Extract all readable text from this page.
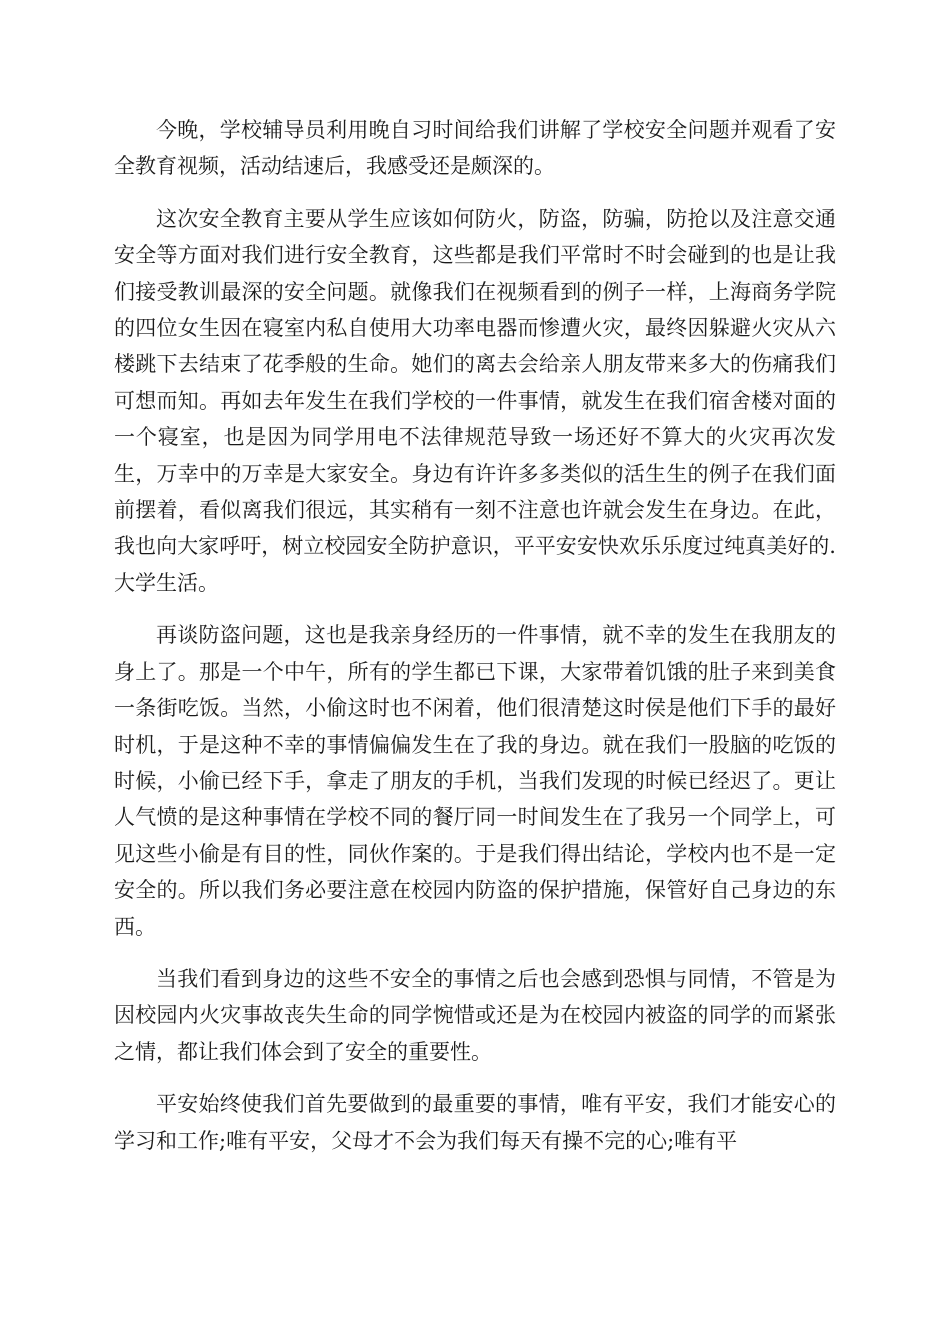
今晚，学校辅导员利用晚自习时间给我们讲解了学校安全问题并观看了安全教育视频，活动结速后，我感受还是颇深的。

这次安全教育主要从学生应该如何防火，防盗，防骗，防抢以及注意交通安全等方面对我们进行安全教育，这些都是我们平常时不时会碰到的也是让我们接受教训最深的安全问题。就像我们在视频看到的例子一样，上海商务学院的四位女生因在寝室内私自使用大功率电器而惨遭火灾，最终因躲避火灾从六楼跳下去结束了花季般的生命。她们的离去会给亲人朋友带来多大的伤痛我们可想而知。再如去年发生在我们学校的一件事情，就发生在我们宿舍楼对面的一个寝室，也是因为同学用电不法律规范导致一场还好不算大的火灾再次发生，万幸中的万幸是大家安全。身边有许许多多类似的活生生的例子在我们面前摆着，看似离我们很远，其实稍有一刻不注意也许就会发生在身边。在此，我也向大家呼吁，树立校园安全防护意识，平平安安快欢乐乐度过纯真美好的.大学生活。

再谈防盗问题，这也是我亲身经历的一件事情，就不幸的发生在我朋友的身上了。那是一个中午，所有的学生都已下课，大家带着饥饿的肚子来到美食一条街吃饭。当然，小偷这时也不闲着，他们很清楚这时侯是他们下手的最好时机，于是这种不幸的事情偏偏发生在了我的身边。就在我们一股脑的吃饭的时候，小偷已经下手，拿走了朋友的手机，当我们发现的时候已经迟了。更让人气愤的是这种事情在学校不同的餐厅同一时间发生在了我另一个同学上，可见这些小偷是有目的性，同伙作案的。于是我们得出结论，学校内也不是一定安全的。所以我们务必要注意在校园内防盗的保护措施，保管好自己身边的东西。

当我们看到身边的这些不安全的事情之后也会感到恐惧与同情，不管是为因校园内火灾事故丧失生命的同学惋惜或还是为在校园内被盗的同学的而紧张之情，都让我们体会到了安全的重要性。

平安始终使我们首先要做到的最重要的事情，唯有平安，我们才能安心的学习和工作;唯有平安，父母才不会为我们每天有操不完的心;唯有平
